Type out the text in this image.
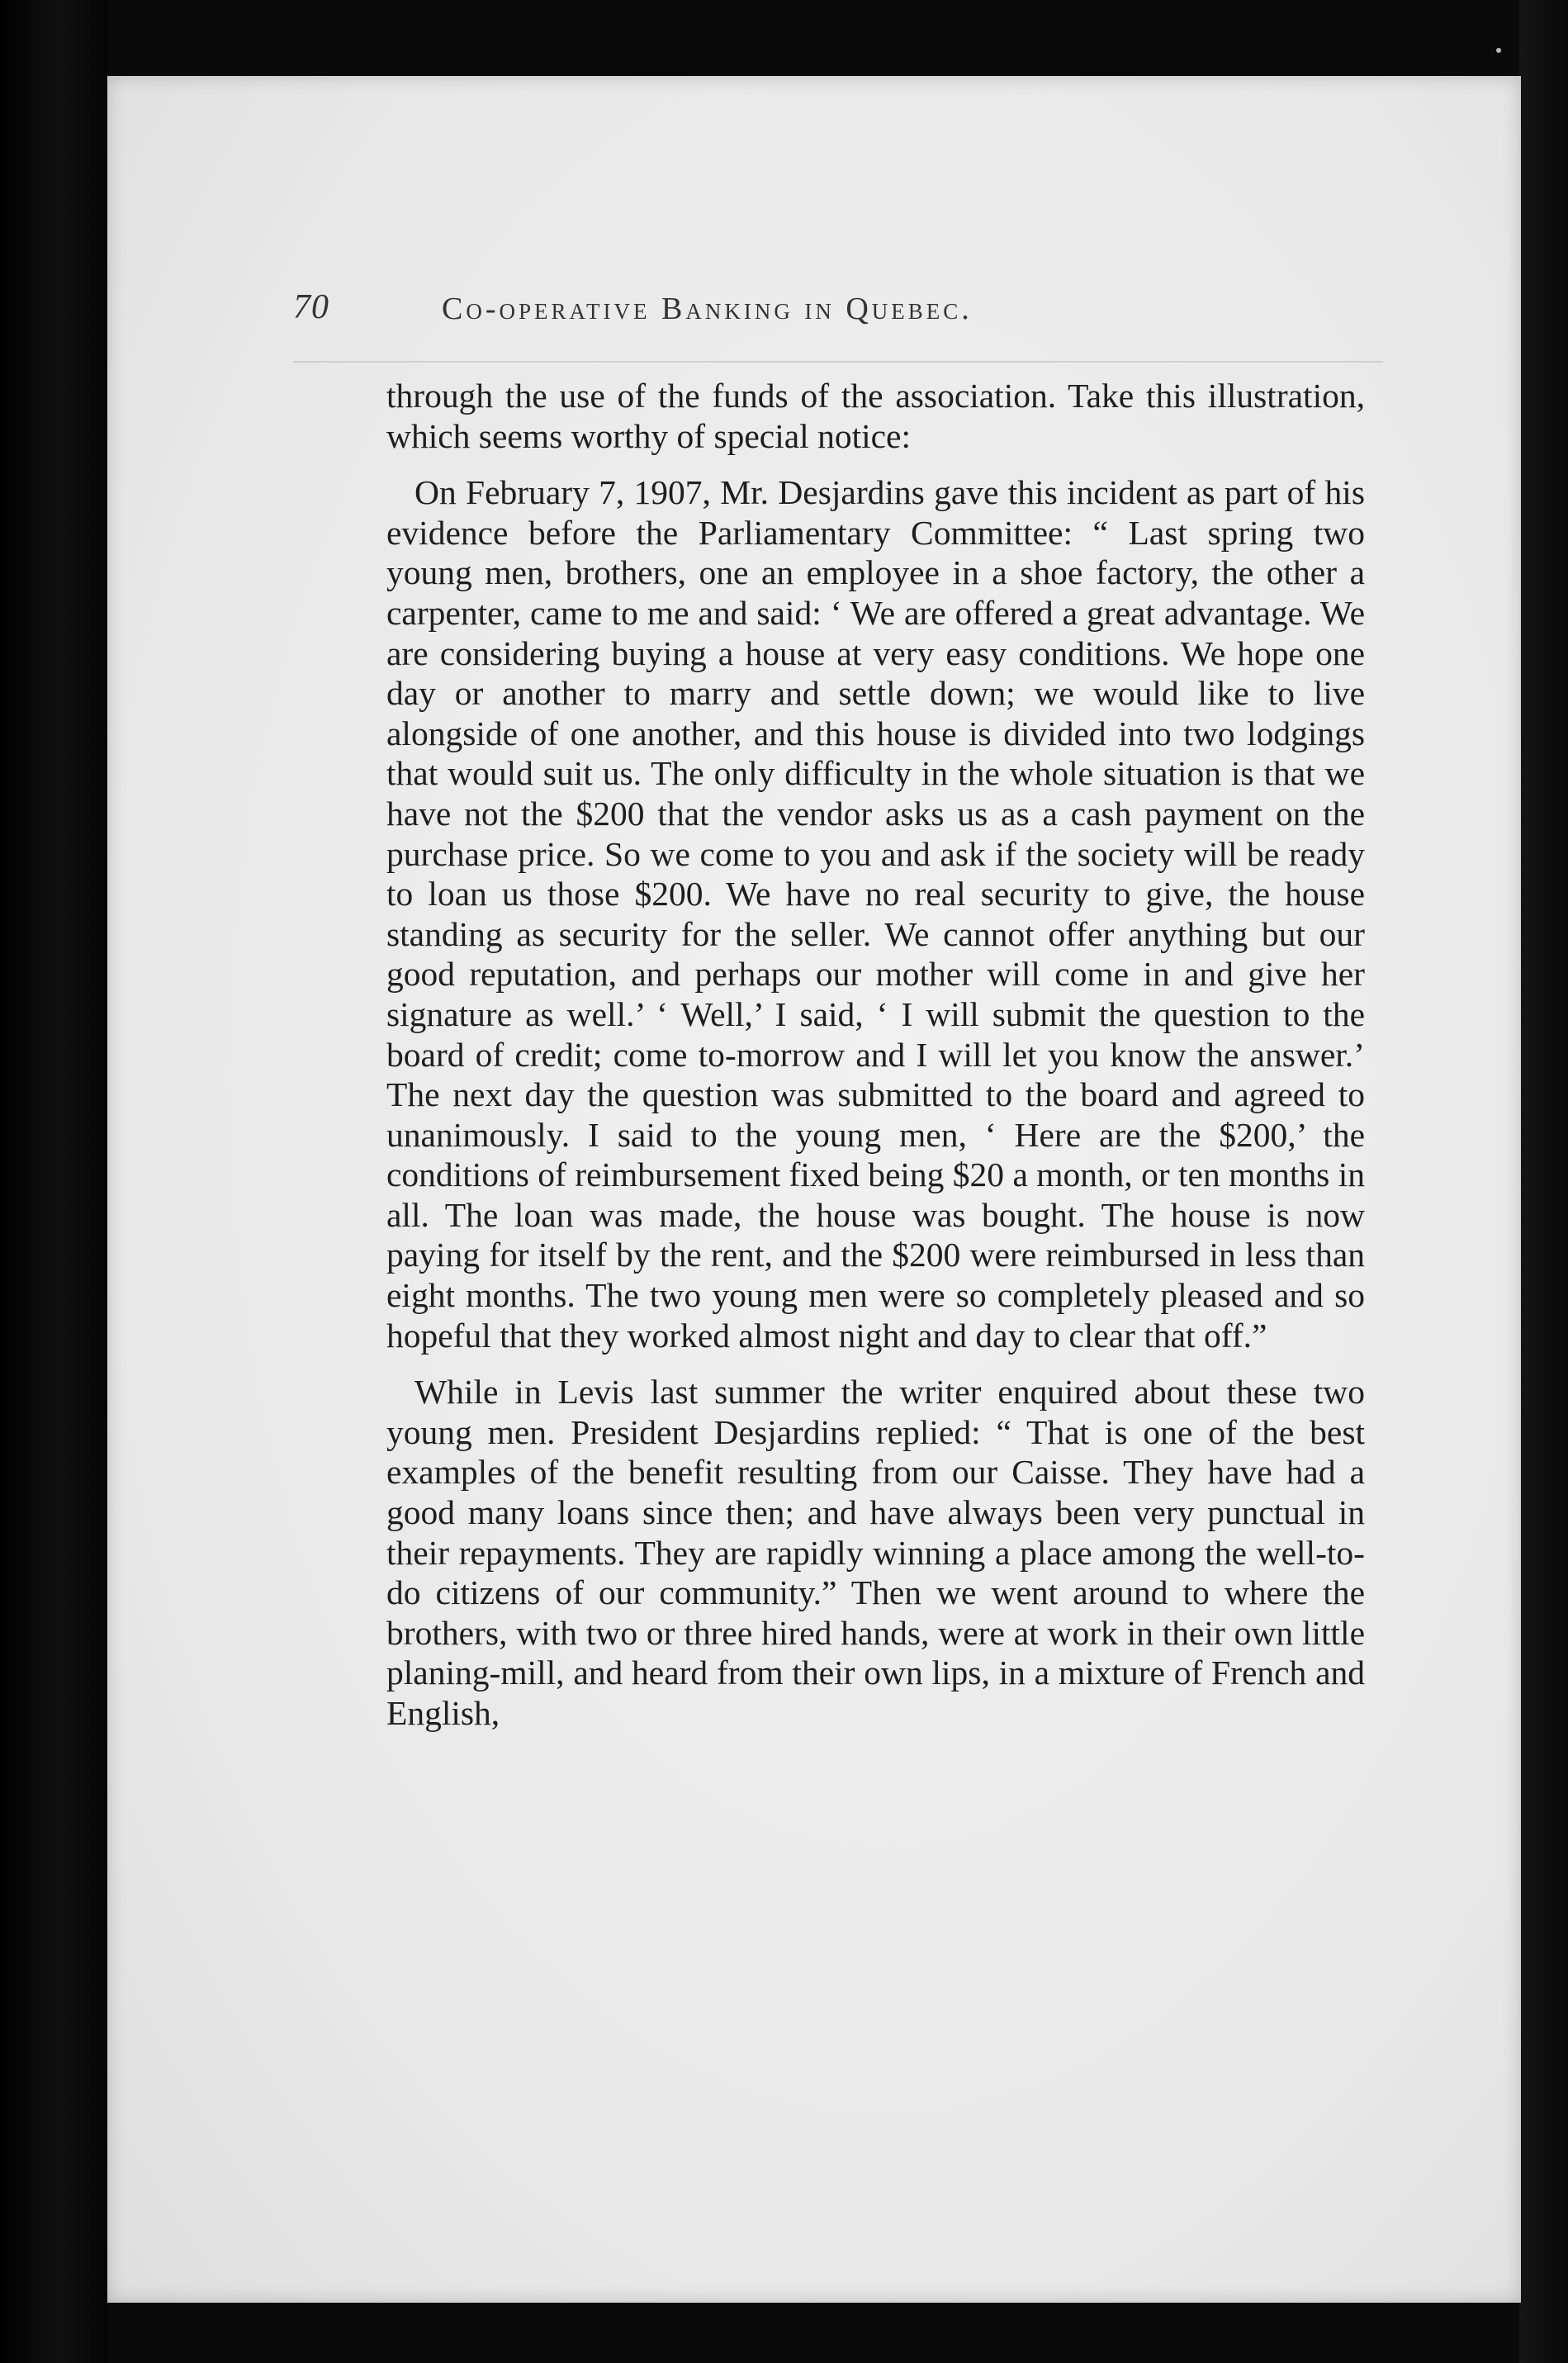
70	Co-operative Banking in Quebec.

through the use of the funds of the association. Take this illustration, which seems worthy of special notice:

On February 7, 1907, Mr. Desjardins gave this incident as part of his evidence before the Parliamentary Committee: “ Last spring two young men, brothers, one an employee in a shoe factory, the other a carpenter, came to me and said: ‘ We are offered a great advantage. We are considering buying a house at very easy conditions. We hope one day or another to marry and settle down; we would like to live alongside of one another, and this house is divided into two lodgings that would suit us. The only difficulty in the whole situation is that we have not the $200 that the vendor asks us as a cash payment on the purchase price. So we come to you and ask if the society will be ready to loan us those $200. We have no real security to give, the house standing as security for the seller. We cannot offer anything but our good reputation, and perhaps our mother will come in and give her signature as well.’ ‘ Well,’ I said, ‘ I will submit the question to the board of credit; come to-morrow and I will let you know the answer.’ The next day the question was submitted to the board and agreed to unanimously. I said to the young men, ‘ Here are the $200,’ the conditions of reimbursement fixed being $20 a month, or ten months in all. The loan was made, the house was bought. The house is now paying for itself by the rent, and the $200 were reimbursed in less than eight months. The two young men were so completely pleased and so hopeful that they worked almost night and day to clear that off.”

While in Levis last summer the writer enquired about these two young men. President Desjardins replied: “ That is one of the best examples of the benefit resulting from our Caisse. They have had a good many loans since then; and have always been very punctual in their repayments. They are rapidly winning a place among the well-to-do citizens of our community.” Then we went around to where the brothers, with two or three hired hands, were at work in their own little planing-mill, and heard from their own lips, in a mixture of French and English,
